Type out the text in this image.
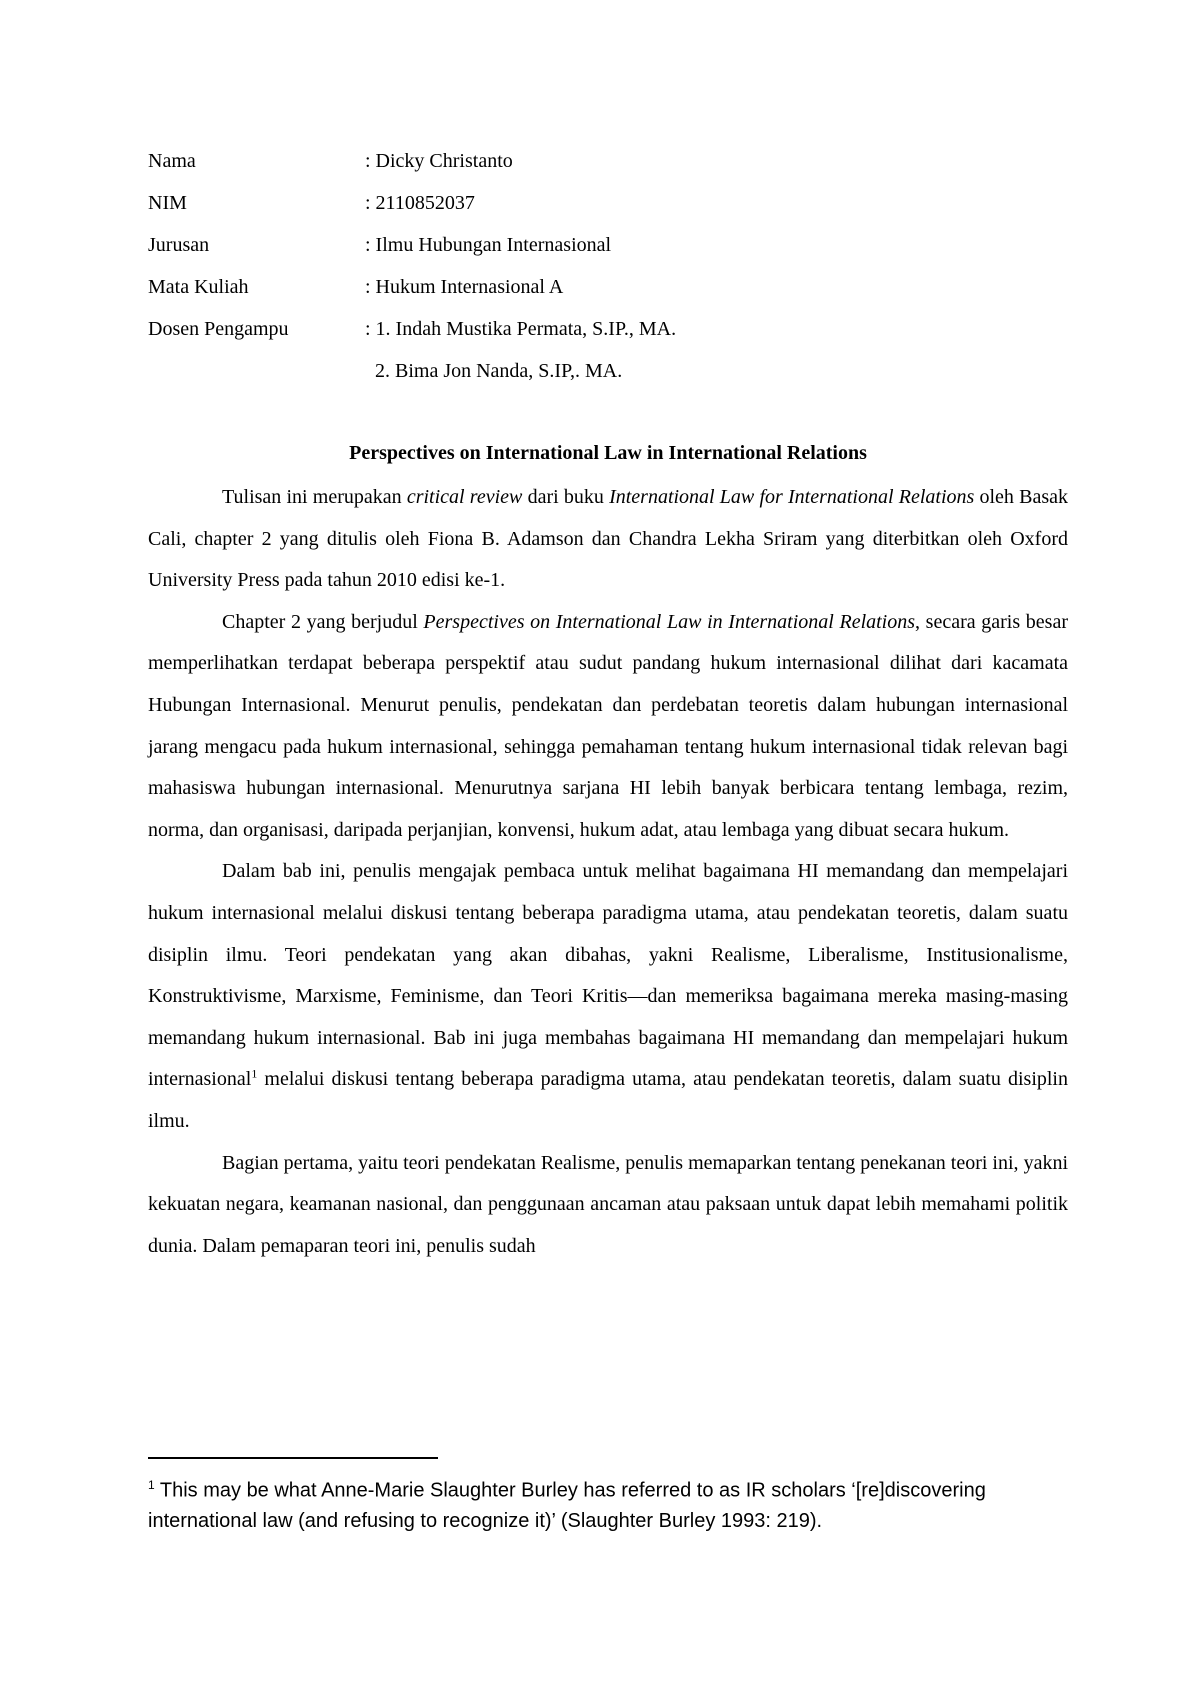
Nama	: Dicky Christanto
NIM	: 2110852037
Jurusan	: Ilmu Hubungan Internasional
Mata Kuliah	: Hukum Internasional A
Dosen Pengampu	: 1. Indah Mustika Permata, S.IP., MA.
2. Bima Jon Nanda, S.IP,. MA.
Perspectives on International Law in International Relations

Tulisan ini merupakan critical review dari buku International Law for International Relations oleh Basak Cali, chapter 2 yang ditulis oleh Fiona B. Adamson dan Chandra Lekha Sriram yang diterbitkan oleh Oxford University Press pada tahun 2010 edisi ke-1.

Chapter 2 yang berjudul Perspectives on International Law in International Relations, secara garis besar memperlihatkan terdapat beberapa perspektif atau sudut pandang hukum internasional dilihat dari kacamata Hubungan Internasional. Menurut penulis, pendekatan dan perdebatan teoretis dalam hubungan internasional jarang mengacu pada hukum internasional, sehingga pemahaman tentang hukum internasional tidak relevan bagi mahasiswa hubungan internasional. Menurutnya sarjana HI lebih banyak berbicara tentang lembaga, rezim, norma, dan organisasi, daripada perjanjian, konvensi, hukum adat, atau lembaga yang dibuat secara hukum.

Dalam bab ini, penulis mengajak pembaca untuk melihat bagaimana HI memandang dan mempelajari hukum internasional melalui diskusi tentang beberapa paradigma utama, atau pendekatan teoretis, dalam suatu disiplin ilmu. Teori pendekatan yang akan dibahas, yakni Realisme, Liberalisme, Institusionalisme, Konstruktivisme, Marxisme, Feminisme, dan Teori Kritis—dan memeriksa bagaimana mereka masing-masing memandang hukum internasional. Bab ini juga membahas bagaimana HI memandang dan mempelajari hukum internasional$^1$ melalui diskusi tentang beberapa paradigma utama, atau pendekatan teoretis, dalam suatu disiplin ilmu.

Bagian pertama, yaitu teori pendekatan Realisme, penulis memaparkan tentang penekanan teori ini, yakni kekuatan negara, keamanan nasional, dan penggunaan ancaman atau paksaan untuk dapat lebih memahami politik dunia. Dalam pemaparan teori ini, penulis sudah

$^1$ This may be what Anne-Marie Slaughter Burley has referred to as IR scholars ‘[re]discovering international law (and refusing to recognize it)’ (Slaughter Burley 1993: 219).
